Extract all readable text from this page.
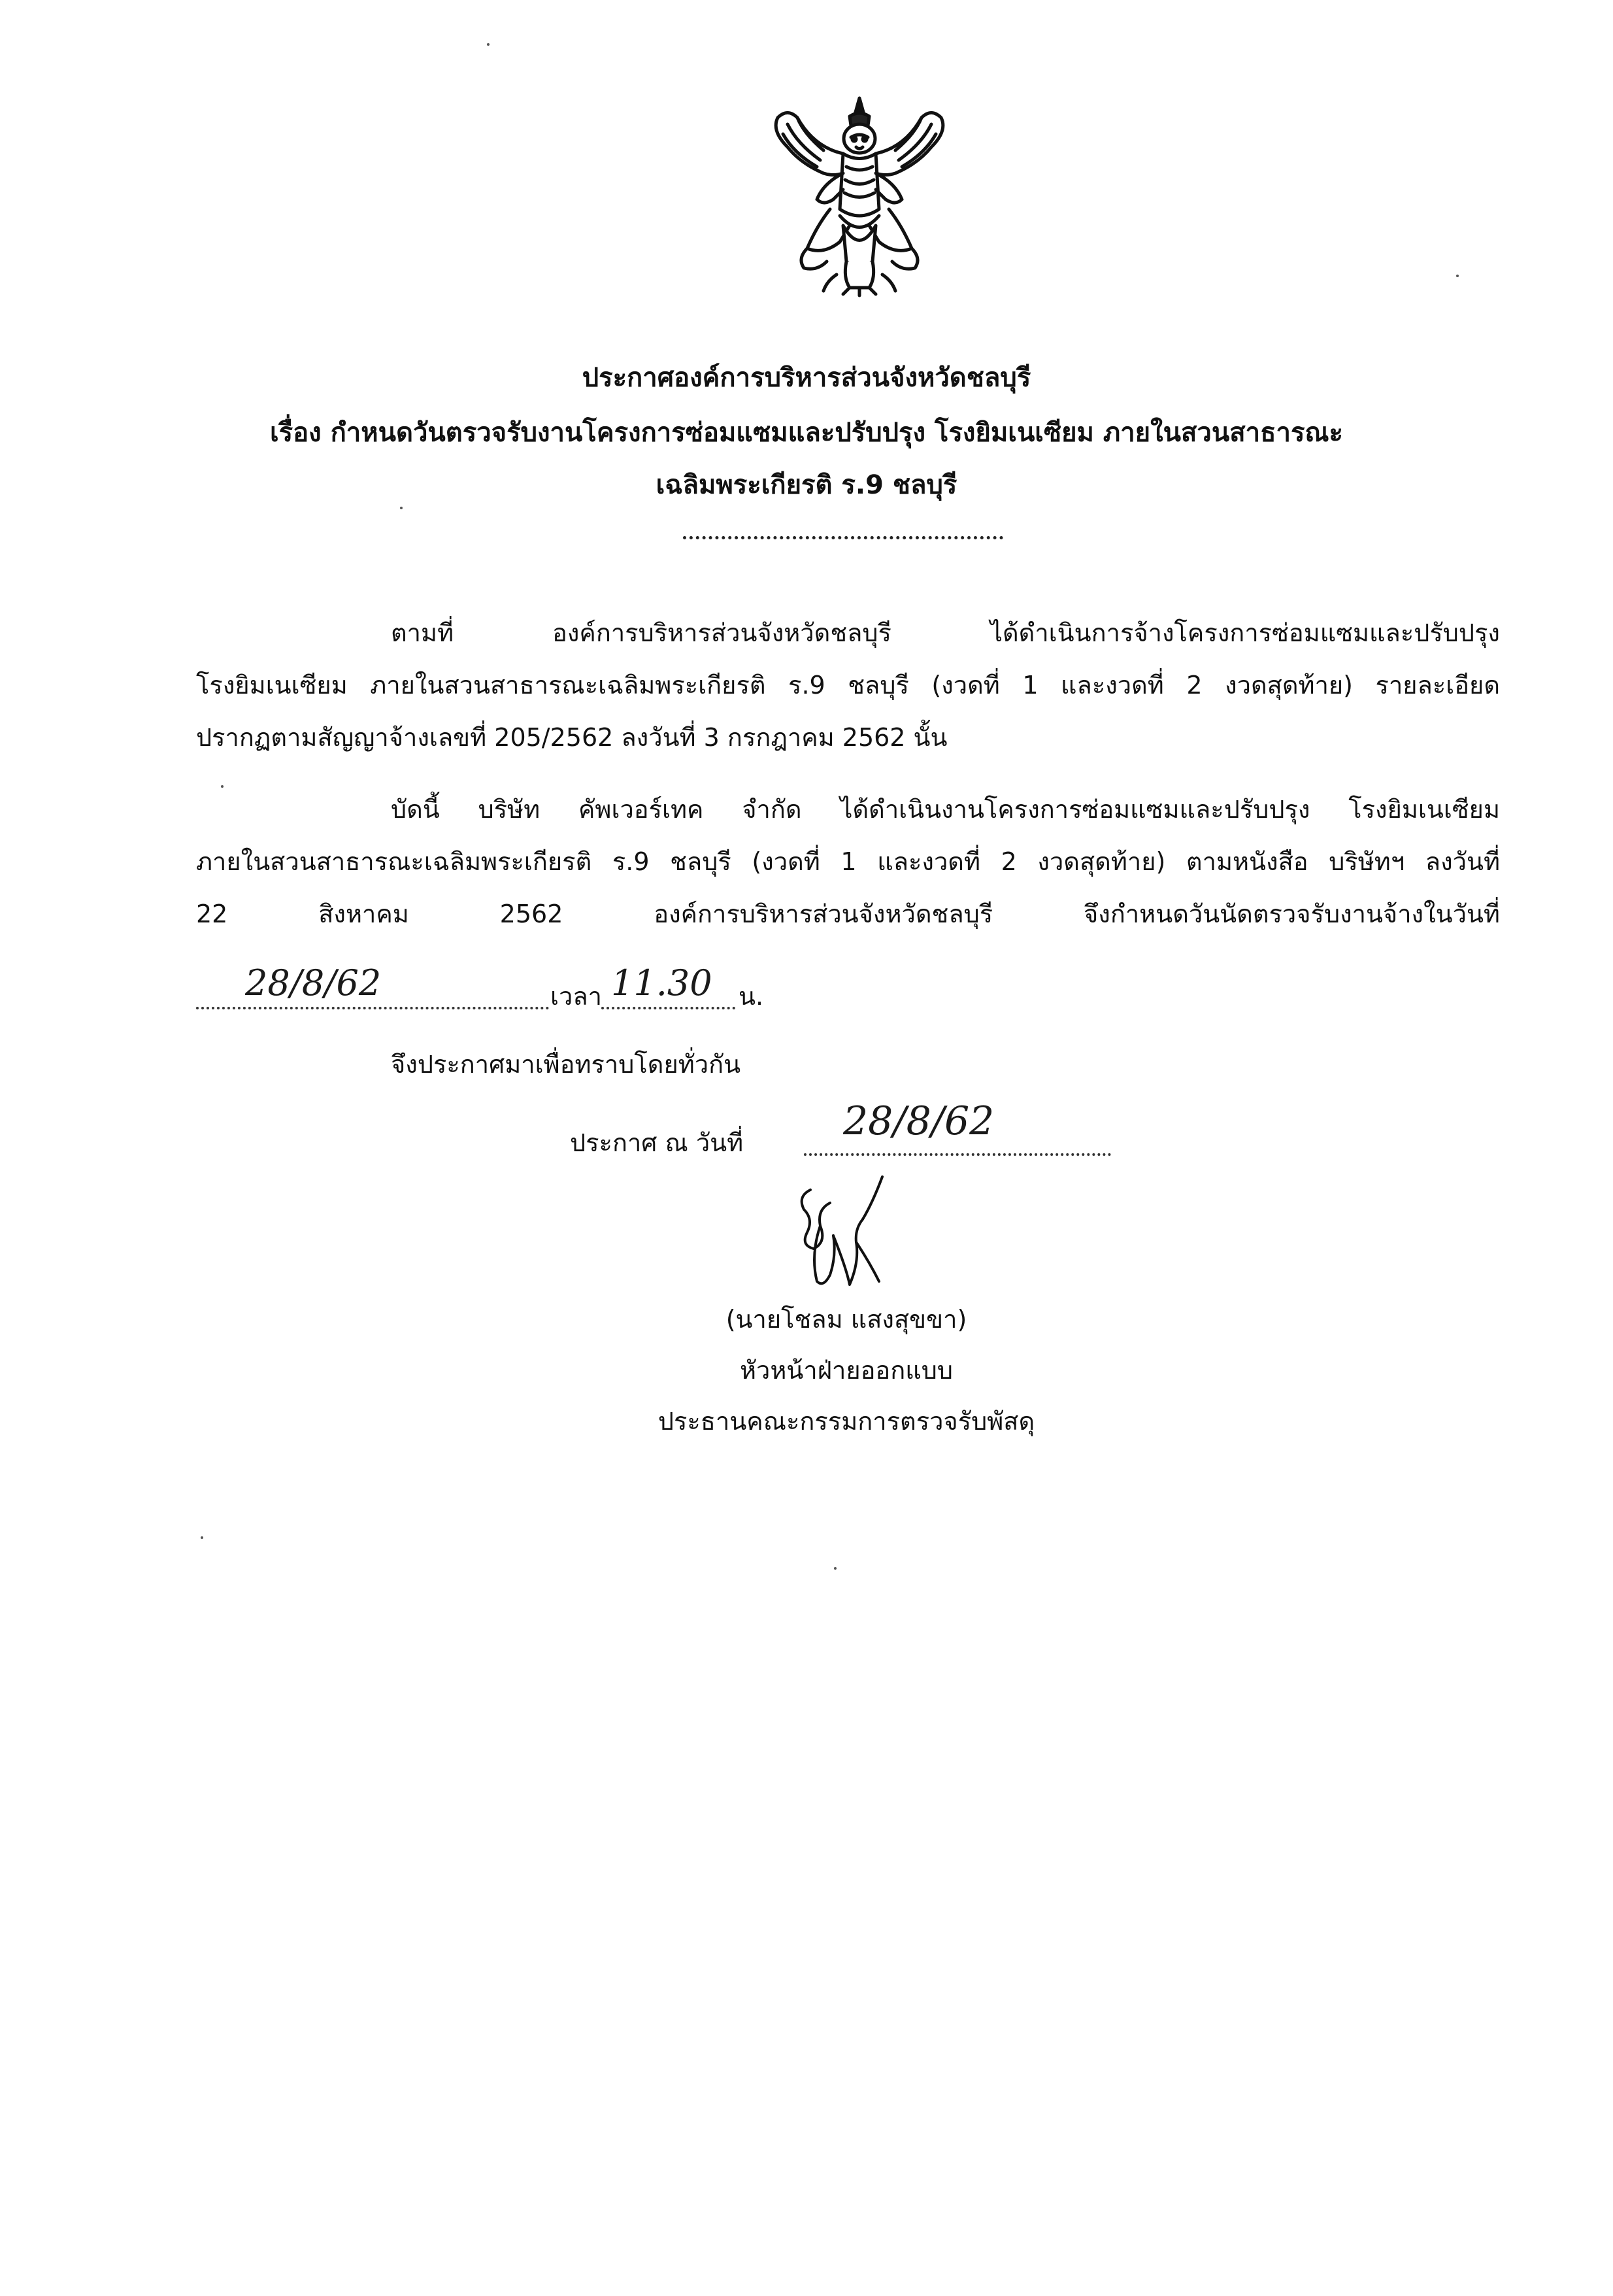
ประกาศองค์การบริหารส่วนจังหวัดชลบุรี
เรื่อง กำหนดวันตรวจรับงานโครงการซ่อมแซมและปรับปรุง โรงยิมเนเซียม ภายในสวนสาธารณะ
เฉลิมพระเกียรติ ร.9 ชลบุรี
ตามที่ องค์การบริหารส่วนจังหวัดชลบุรี ได้ดำเนินการจ้างโครงการซ่อมแซมและปรับปรุง
โรงยิมเนเซียม ภายในสวนสาธารณะเฉลิมพระเกียรติ ร.9 ชลบุรี (งวดที่ 1 และงวดที่ 2 งวดสุดท้าย) รายละเอียด
ปรากฏตามสัญญาจ้างเลขที่ 205/2562 ลงวันที่ 3 กรกฎาคม 2562 นั้น
บัดนี้ บริษัท คัพเวอร์เทค จำกัด ได้ดำเนินงานโครงการซ่อมแซมและปรับปรุง โรงยิมเนเซียม
ภายในสวนสาธารณะเฉลิมพระเกียรติ ร.9 ชลบุรี (งวดที่ 1 และงวดที่ 2 งวดสุดท้าย) ตามหนังสือ บริษัทฯ ลงวันที่
22 สิงหาคม 2562 องค์การบริหารส่วนจังหวัดชลบุรี จึงกำหนดวันนัดตรวจรับงานจ้างในวันที่
28/8/62	เวลา 11.30 น.
จึงประกาศมาเพื่อทราบโดยทั่วกัน
ประกาศ ณ วันที่	28/8/62
(นายโชลม แสงสุขขา)
หัวหน้าฝ่ายออกแบบ
ประธานคณะกรรมการตรวจรับพัสดุ
